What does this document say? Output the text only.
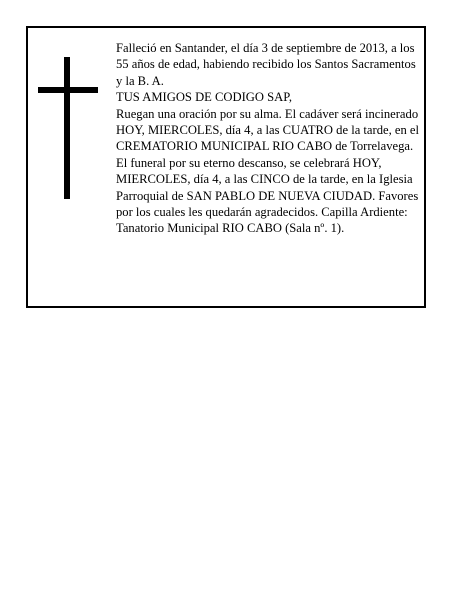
Falleció en Santander, el día 3 de septiembre de 2013, a los 55 años de edad, habiendo recibido los Santos Sacramentos y la B. A.

TUS AMIGOS DE CODIGO SAP,

Ruegan una oración por su alma. El cadáver será incinerado HOY, MIERCOLES, día 4, a las CUATRO de la tarde, en el CREMATORIO MUNICIPAL RIO CABO de Torrelavega. El funeral por su eterno descanso, se celebrará HOY, MIERCOLES, día 4, a las CINCO de la tarde, en la Iglesia Parroquial de SAN PABLO DE NUEVA CIUDAD. Favores por los cuales les quedarán agradecidos. Capilla Ardiente: Tanatorio Municipal RIO CABO (Sala nº. 1).
